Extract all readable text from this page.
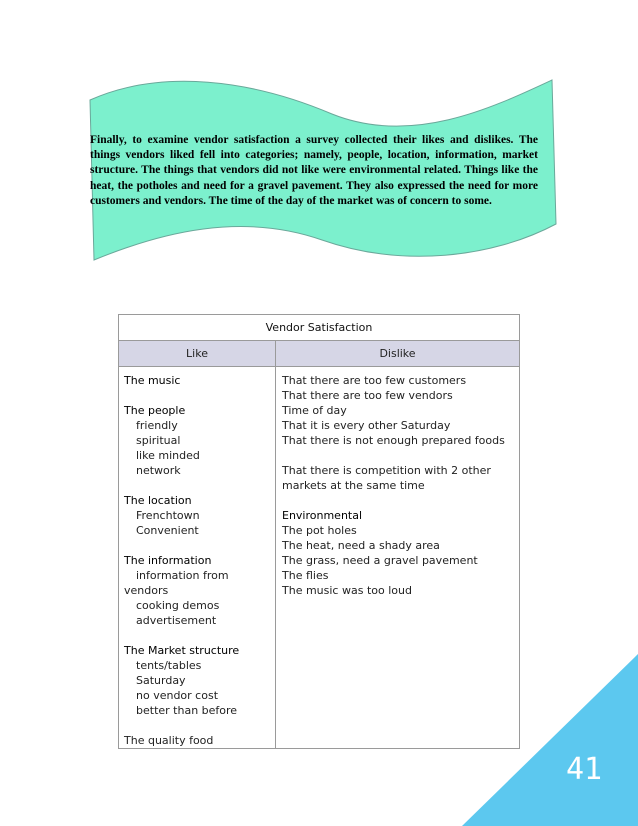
Finally, to examine vendor satisfaction a survey collected their likes and dislikes. The things vendors liked fell into categories; namely, people, location, information, market structure. The things that vendors did not like were environmental related. Things like the heat, the potholes and need for a gravel pavement. They also expressed the need for more customers and vendors. The time of the day of the market was of concern to some.

Vendor Satisfaction
Like	Dislike
The music
The people
friendly
spiritual
like minded
network
The location
Frenchtown
Convenient
The information
information from
vendors
cooking demos
advertisement
The Market structure
tents/tables
Saturday
no vendor cost
better than before
The quality food
That there are too few customers
That there are too few vendors
Time of day
That it is every other Saturday
That there is not enough prepared foods
That there is competition with 2 other
markets at the same time
Environmental
The pot holes
The heat, need a shady area
The grass, need a gravel pavement
The flies
The music was too loud
41
